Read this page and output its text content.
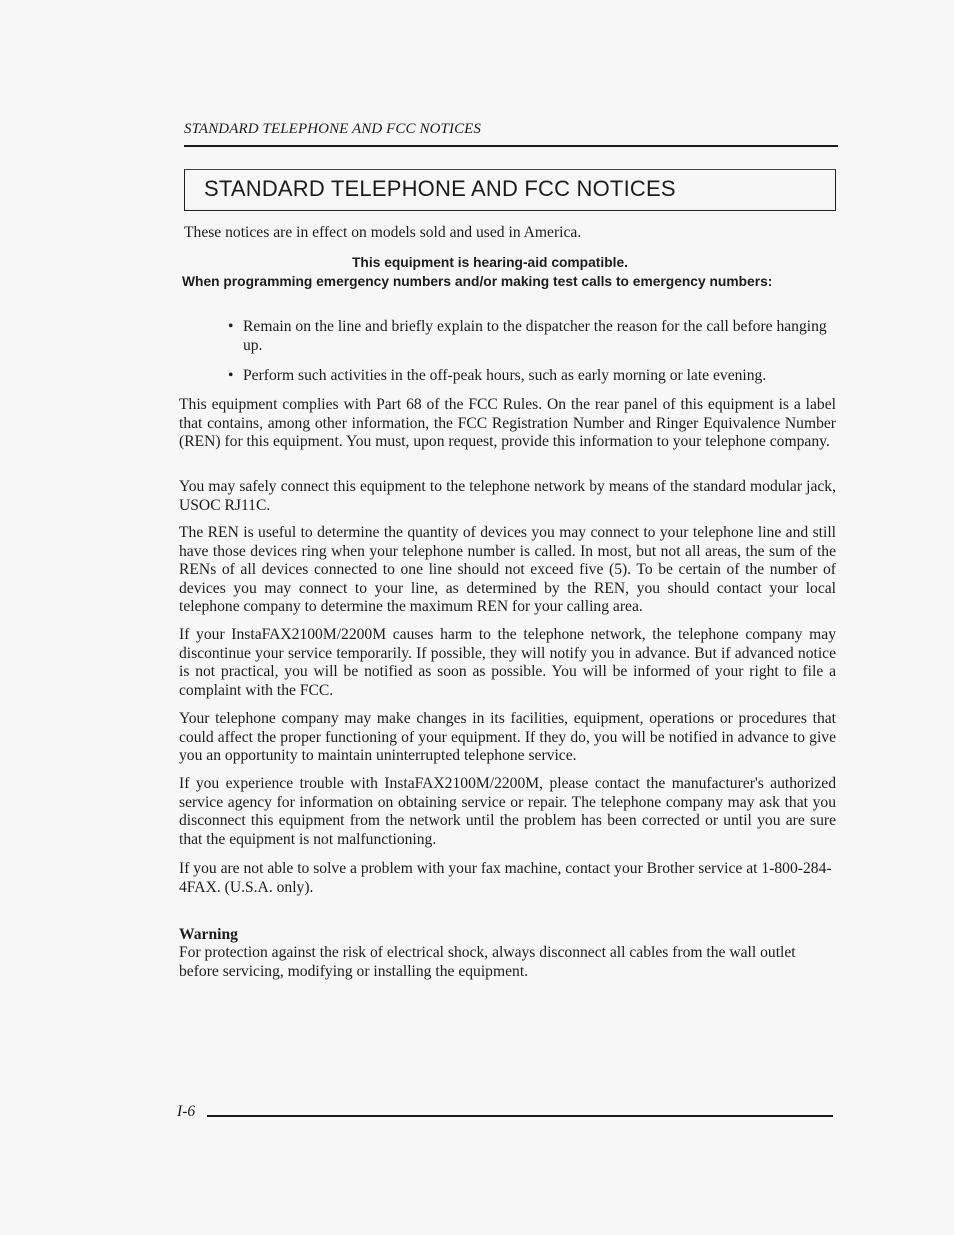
STANDARD TELEPHONE AND FCC NOTICES
STANDARD TELEPHONE AND FCC NOTICES
These notices are in effect on models sold and used in America.
This equipment is hearing-aid compatible.
When programming emergency numbers and/or making test calls to emergency numbers:
• Remain on the line and briefly explain to the dispatcher the reason for the call before hanging up.
• Perform such activities in the off-peak hours, such as early morning or late evening.
This equipment complies with Part 68 of the FCC Rules. On the rear panel of this equipment is a label that contains, among other information, the FCC Registration Number and Ringer Equivalence Number (REN) for this equipment. You must, upon request, provide this information to your telephone company.
You may safely connect this equipment to the telephone network by means of the standard modular jack, USOC RJ11C.
The REN is useful to determine the quantity of devices you may connect to your telephone line and still have those devices ring when your telephone number is called. In most, but not all areas, the sum of the RENs of all devices connected to one line should not exceed five (5). To be certain of the number of devices you may connect to your line, as determined by the REN, you should contact your local telephone company to determine the maximum REN for your calling area.
If your InstaFAX2100M/2200M causes harm to the telephone network, the telephone company may discontinue your service temporarily. If possible, they will notify you in advance. But if advanced notice is not practical, you will be notified as soon as possible. You will be informed of your right to file a complaint with the FCC.
Your telephone company may make changes in its facilities, equipment, operations or procedures that could affect the proper functioning of your equipment. If they do, you will be notified in advance to give you an opportunity to maintain uninterrupted telephone service.
If you experience trouble with InstaFAX2100M/2200M, please contact the manufacturer's authorized service agency for information on obtaining service or repair. The telephone company may ask that you disconnect this equipment from the network until the problem has been corrected or until you are sure that the equipment is not malfunctioning.
If you are not able to solve a problem with your fax machine, contact your Brother service at 1-800-284-4FAX. (U.S.A. only).
Warning
For protection against the risk of electrical shock, always disconnect all cables from the wall outlet before servicing, modifying or installing the equipment.
I-6
